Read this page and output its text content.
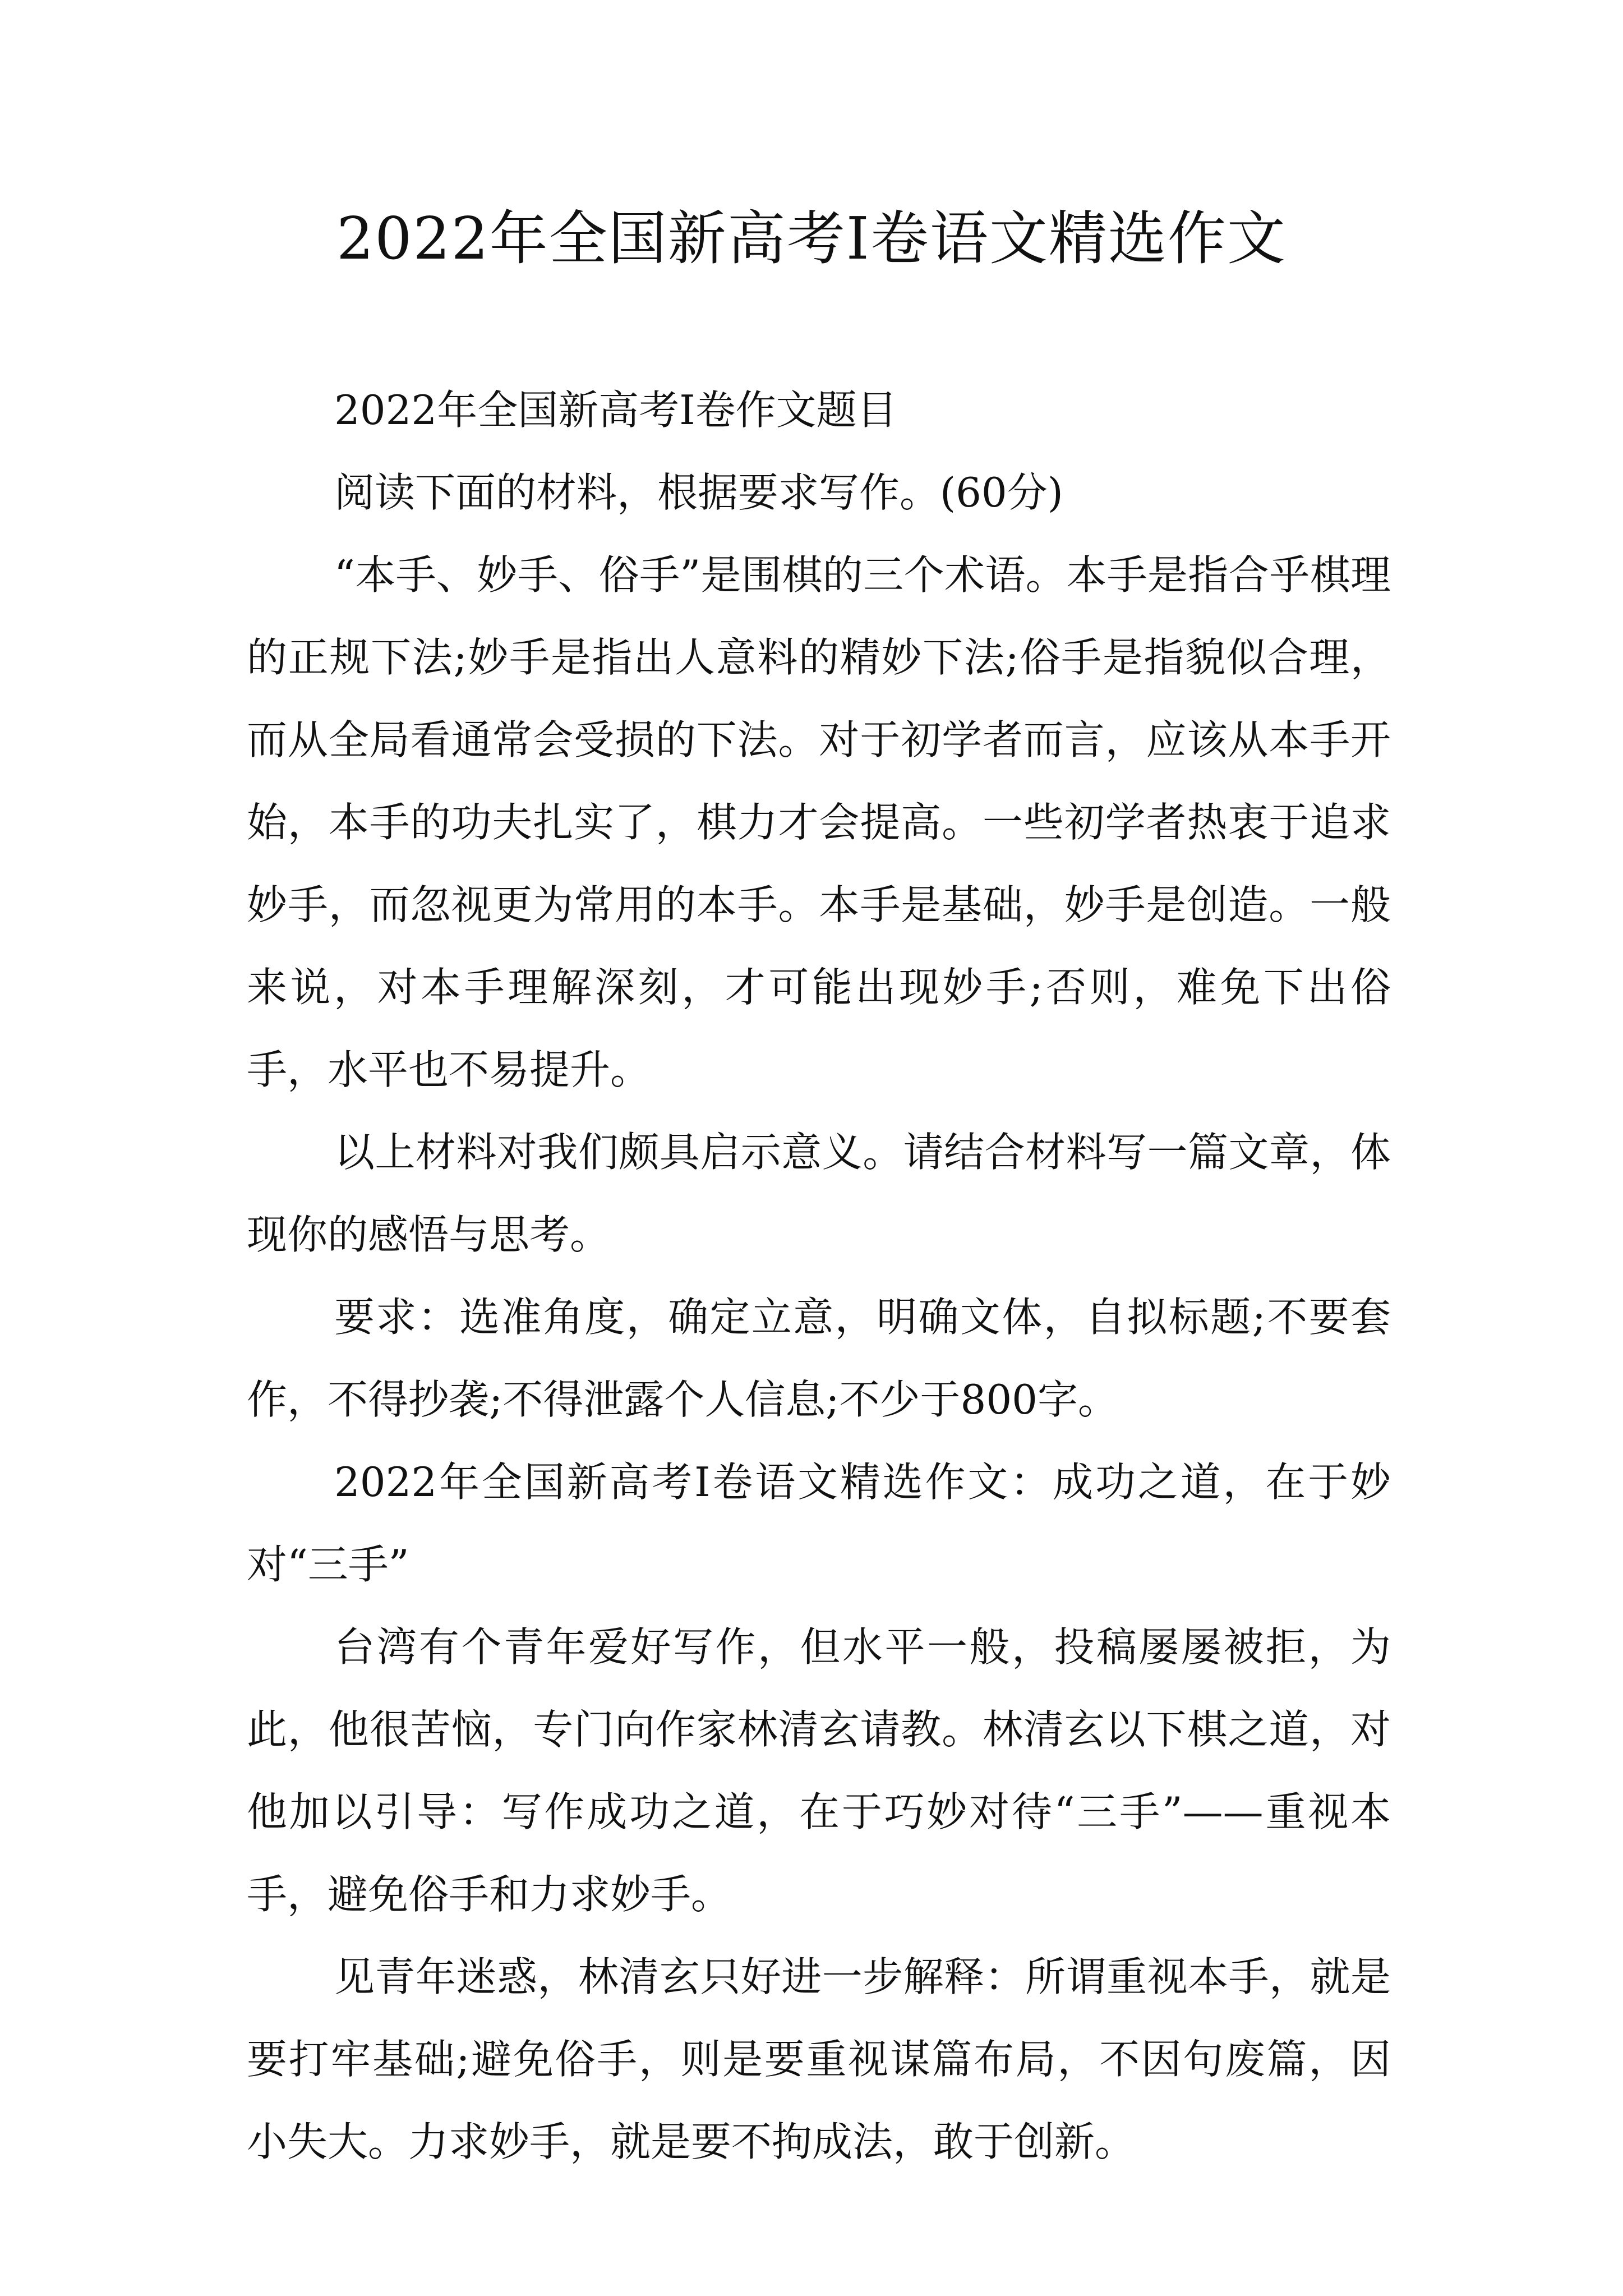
2022年全国新高考Ⅰ卷语文精选作文

2022年全国新高考Ⅰ卷作文题目

阅读下面的材料，根据要求写作。(60分)

“本手、妙手、俗手”是围棋的三个术语。本手是指合乎棋理的正规下法;妙手是指出人意料的精妙下法;俗手是指貌似合理，而从全局看通常会受损的下法。对于初学者而言，应该从本手开始，本手的功夫扎实了，棋力才会提高。一些初学者热衷于追求妙手，而忽视更为常用的本手。本手是基础，妙手是创造。一般来说，对本手理解深刻，才可能出现妙手;否则，难免下出俗手，水平也不易提升。

以上材料对我们颇具启示意义。请结合材料写一篇文章，体现你的感悟与思考。

要求：选准角度，确定立意，明确文体，自拟标题;不要套作，不得抄袭;不得泄露个人信息;不少于800字。

2022年全国新高考Ⅰ卷语文精选作文：成功之道，在于妙对“三手”

台湾有个青年爱好写作，但水平一般，投稿屡屡被拒，为此，他很苦恼，专门向作家林清玄请教。林清玄以下棋之道，对他加以引导：写作成功之道，在于巧妙对待“三手”——重视本手，避免俗手和力求妙手。

见青年迷惑，林清玄只好进一步解释：所谓重视本手，就是要打牢基础;避免俗手，则是要重视谋篇布局，不因句废篇，因小失大。力求妙手，就是要不拘成法，敢于创新。
